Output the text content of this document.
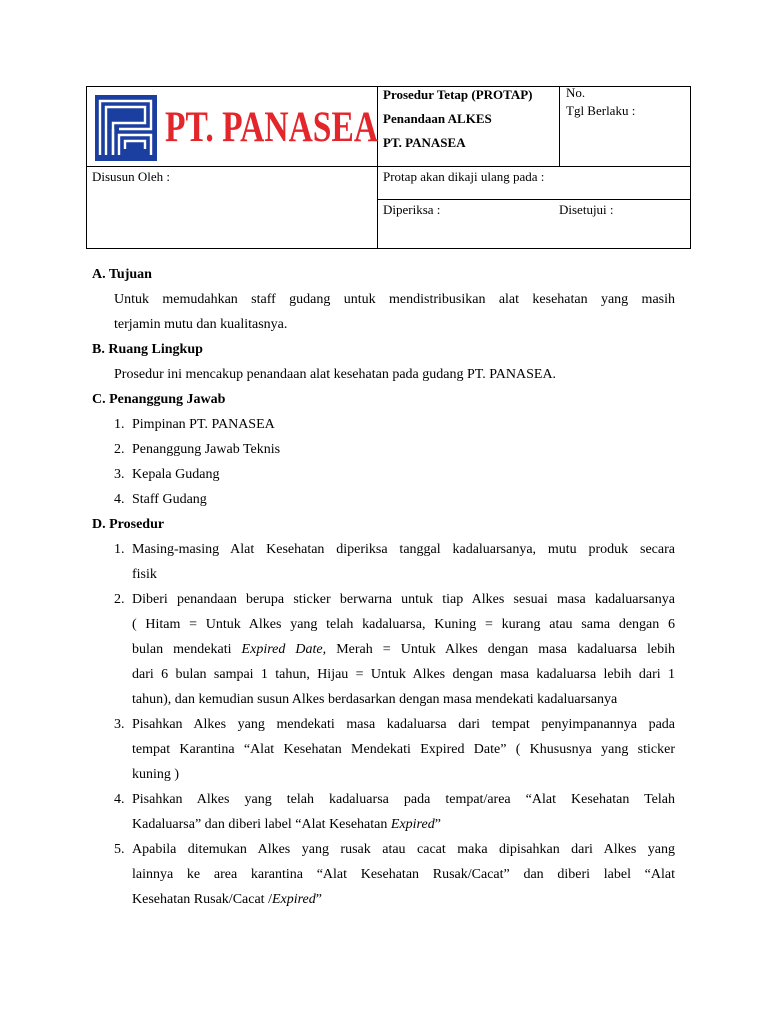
PT. PANASEA
Prosedur Tetap (PROTAP)
Penandaan ALKES
PT. PANASEA
No.
Tgl Berlaku :
Disusun Oleh :	Protap akan dikaji ulang pada :
Diperiksa :	Disetujui :

A. Tujuan

Untuk memudahkan staff gudang untuk mendistribusikan alat kesehatan yang masih
terjamin mutu dan kualitasnya.

B. Ruang Lingkup

Prosedur ini mencakup penandaan alat kesehatan pada gudang PT. PANASEA.

C. Penanggung Jawab

1. Pimpinan PT. PANASEA
2. Penanggung Jawab Teknis
3. Kepala Gudang
4. Staff Gudang

D. Prosedur

1. Masing-masing Alat Kesehatan diperiksa tanggal kadaluarsanya, mutu produk secara
fisik
2. Diberi penandaan berupa sticker berwarna untuk tiap Alkes sesuai masa kadaluarsanya
( Hitam = Untuk Alkes yang telah kadaluarsa, Kuning = kurang atau sama dengan 6
bulan mendekati Expired Date, Merah = Untuk Alkes dengan masa kadaluarsa lebih
dari 6 bulan sampai 1 tahun, Hijau = Untuk Alkes dengan masa kadaluarsa lebih dari 1
tahun), dan kemudian susun Alkes berdasarkan dengan masa mendekati kadaluarsanya
3. Pisahkan Alkes yang mendekati masa kadaluarsa dari tempat penyimpanannya pada
tempat Karantina “Alat Kesehatan Mendekati Expired Date” ( Khususnya yang sticker
kuning )
4. Pisahkan Alkes yang telah kadaluarsa pada tempat/area “Alat Kesehatan Telah
Kadaluarsa” dan diberi label “Alat Kesehatan Expired”
5. Apabila ditemukan Alkes yang rusak atau cacat maka dipisahkan dari Alkes yang
lainnya ke area karantina “Alat Kesehatan Rusak/Cacat” dan diberi label “Alat
Kesehatan Rusak/Cacat /Expired”
